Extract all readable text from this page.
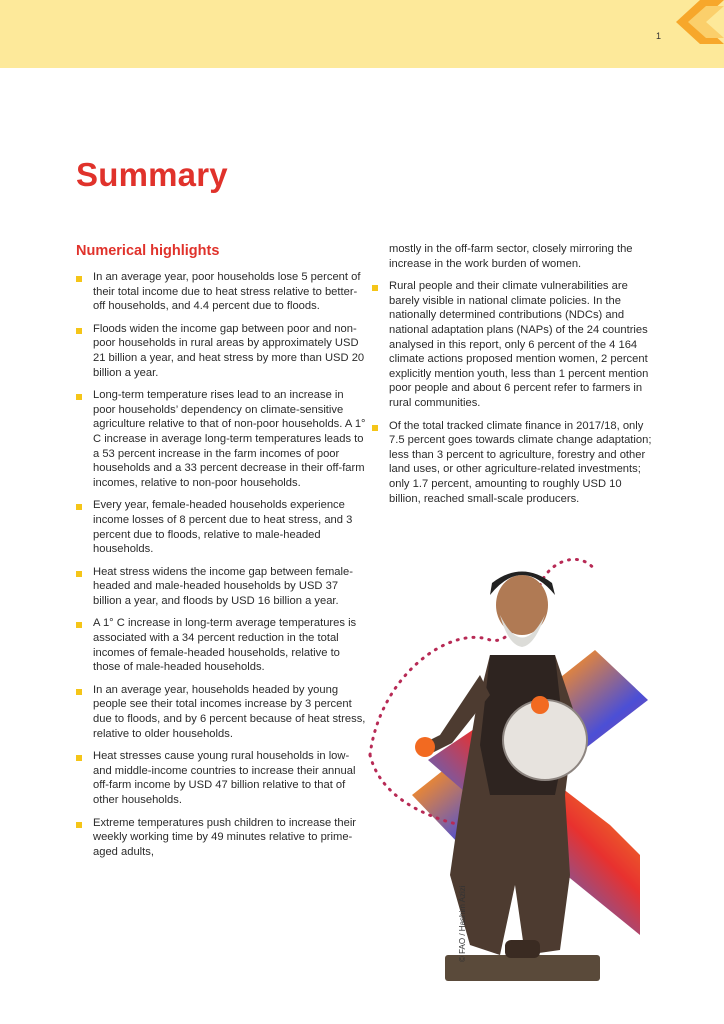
1
Summary
Numerical highlights
In an average year, poor households lose 5 percent of their total income due to heat stress relative to better-off households, and 4.4 percent due to floods.
Floods widen the income gap between poor and non-poor households in rural areas by approximately USD 21 billion a year, and heat stress by more than USD 20 billion a year.
Long-term temperature rises lead to an increase in poor households’ dependency on climate-sensitive agriculture relative to that of non-poor households. A 1° C increase in average long-term temperatures leads to a 53 percent increase in the farm incomes of poor households and a 33 percent decrease in their off-farm incomes, relative to non-poor households.
Every year, female-headed households experience income losses of 8 percent due to heat stress, and 3 percent due to floods, relative to male-headed households.
Heat stress widens the income gap between female-headed and male-headed households by USD 37 billion a year, and floods by USD 16 billion a year.
A 1° C increase in long-term average temperatures is associated with a 34 percent reduction in the total incomes of female-headed households, relative to those of male-headed households.
In an average year, households headed by young people see their total incomes increase by 3 percent due to floods, and by 6 percent because of heat stress, relative to older households.
Heat stresses cause young rural households in low- and middle-income countries to increase their annual off-farm income by USD 47 billion relative to that of other households.
Extreme temperatures push children to increase their weekly working time by 49 minutes relative to prime-aged adults,
mostly in the off-farm sector, closely mirroring the increase in the work burden of women.
Rural people and their climate vulnerabilities are barely visible in national climate policies. In the nationally determined contributions (NDCs) and national adaptation plans (NAPs) of the 24 countries analysed in this report, only 6 percent of the 4 164 climate actions proposed mention women, 2 percent explicitly mention youth, less than 1 percent mention poor people and about 6 percent refer to farmers in rural communities.
Of the total tracked climate finance in 2017/18, only 7.5 percent goes towards climate change adaptation; less than 3 percent to agriculture, forestry and other land uses, or other agriculture-related investments; only 1.7 percent, amounting to roughly USD 10 billion, reached small-scale producers.
© FAO / Hashim Azizi
